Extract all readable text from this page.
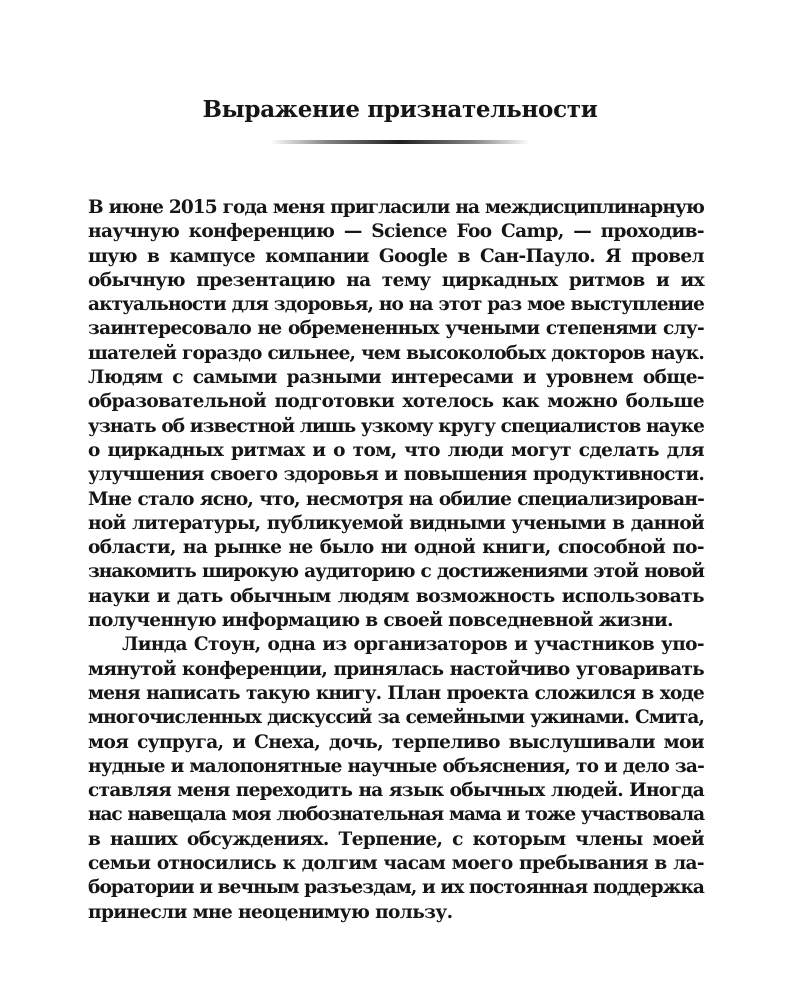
Выражение признательности

В июне 2015 года меня пригласили на междисциплинарную
научную конференцию — Science Foo Camp, — проходив-
шую в кампусе компании Google в Сан-Пауло. Я провел
обычную презентацию на тему циркадных ритмов и их
актуальности для здоровья, но на этот раз мое выступление
заинтересовало не обремененных учеными степенями слу-
шателей гораздо сильнее, чем высоколобых докторов наук.
Людям с самыми разными интересами и уровнем обще-
образовательной подготовки хотелось как можно больше
узнать об известной лишь узкому кругу специалистов науке
о циркадных ритмах и о том, что люди могут сделать для
улучшения своего здоровья и повышения продуктивности.
Мне стало ясно, что, несмотря на обилие специализирован-
ной литературы, публикуемой видными учеными в данной
области, на рынке не было ни одной книги, способной по-
знакомить широкую аудиторию с достижениями этой новой
науки и дать обычным людям возможность использовать
полученную информацию в своей повседневной жизни.

Линда Стоун, одна из организаторов и участников упо-
мянутой конференции, принялась настойчиво уговаривать
меня написать такую книгу. План проекта сложился в ходе
многочисленных дискуссий за семейными ужинами. Смита,
моя супруга, и Снеха, дочь, терпеливо выслушивали мои
нудные и малопонятные научные объяснения, то и дело за-
ставляя меня переходить на язык обычных людей. Иногда
нас навещала моя любознательная мама и тоже участвовала
в наших обсуждениях. Терпение, с которым члены моей
семьи относились к долгим часам моего пребывания в ла-
боратории и вечным разъездам, и их постоянная поддержка
принесли мне неоценимую пользу.
